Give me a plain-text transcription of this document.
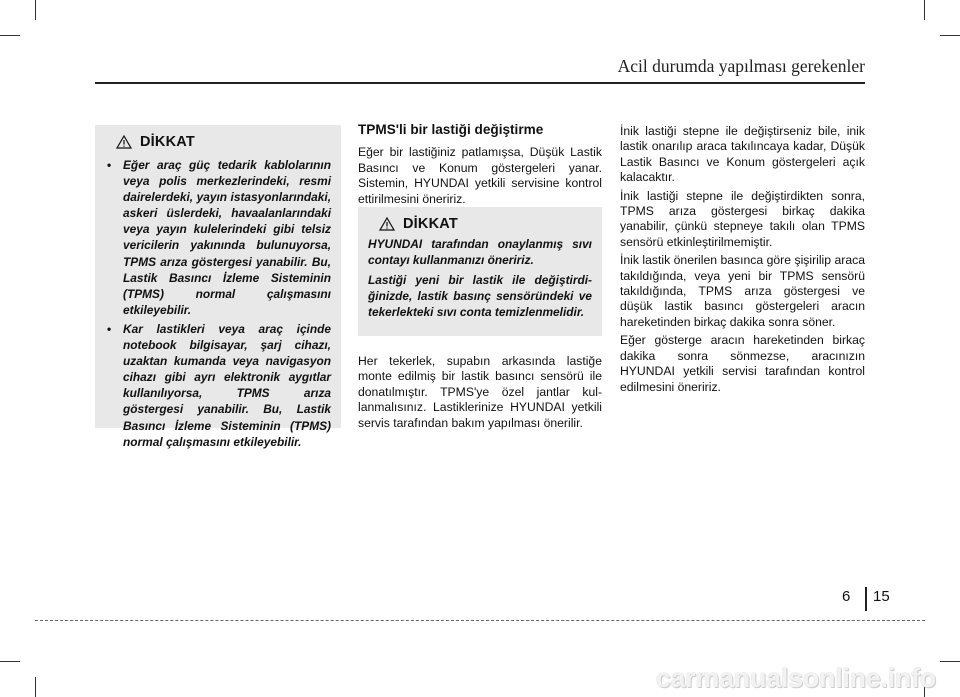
Acil durumda yapılması gerekenler
DİKKAT
• Eğer araç güç tedarik kablolarının veya polis merkezlerindeki, resmi dairelerdeki, yayın istasyonlarındaki, askeri üslerdeki, havaalanlarındaki veya yayın kulelerindeki gibi telsiz vericilerin yakınında bulunuyorsa, TPMS arıza göstergesi yanabilir. Bu, Lastik Basıncı İzleme Sisteminin (TPMS) normal çalışmasını etkileyebilir.
• Kar lastikleri veya araç içinde notebook bilgisayar, şarj cihazı, uzaktan kumanda veya navigasyon cihazı gibi ayrı elektronik aygıtlar kullanılıyorsa, TPMS arıza göstergesi yanabilir. Bu, Lastik Basıncı İzleme Sisteminin (TPMS) normal çalışmasını etkileyebilir.
TPMS'li bir lastiği değiştirme

Eğer bir lastiğiniz patlamışsa, Düşük Lastik Basıncı ve Konum göstergeleri yanar. Sistemin, HYUNDAI yetkili servisine kontrol ettirilmesini öneririz.

DİKKAT

HYUNDAI tarafından onaylanmış sıvı contayı kullanmanızı öneririz.

Lastiği yeni bir lastik ile değiştirdiğinizde, lastik basınç sensöründeki ve tekerlekteki sıvı conta temizlenmelidir.

Her tekerlek, supabın arkasında lastiğe monte edilmiş bir lastik basıncı sensörü ile donatılmıştır. TPMS'ye özel jantlar kullanmalısınız. Lastiklerinize HYUNDAI yetkili servis tarafından bakım yapılması önerilir.

İnik lastiği stepne ile değiştirseniz bile, inik lastik onarılıp araca takılıncaya kadar, Düşük Lastik Basıncı ve Konum göstergeleri açık kalacaktır.

İnik lastiği stepne ile değiştirdikten sonra, TPMS arıza göstergesi birkaç dakika yanabilir, çünkü stepneye takılı olan TPMS sensörü etkinleştirilmemiştir.

İnik lastik önerilen basınca göre şişirilip araca takıldığında, veya yeni bir TPMS sensörü takıldığında, TPMS arıza göstergesi ve düşük lastik basıncı göstergeleri aracın hareketinden birkaç dakika sonra söner.

Eğer gösterge aracın hareketinden birkaç dakika sonra sönmezse, aracınızın HYUNDAI yetkili servisi tarafından kontrol edilmesini öneririz.

6 15
carmanualsonline.info
